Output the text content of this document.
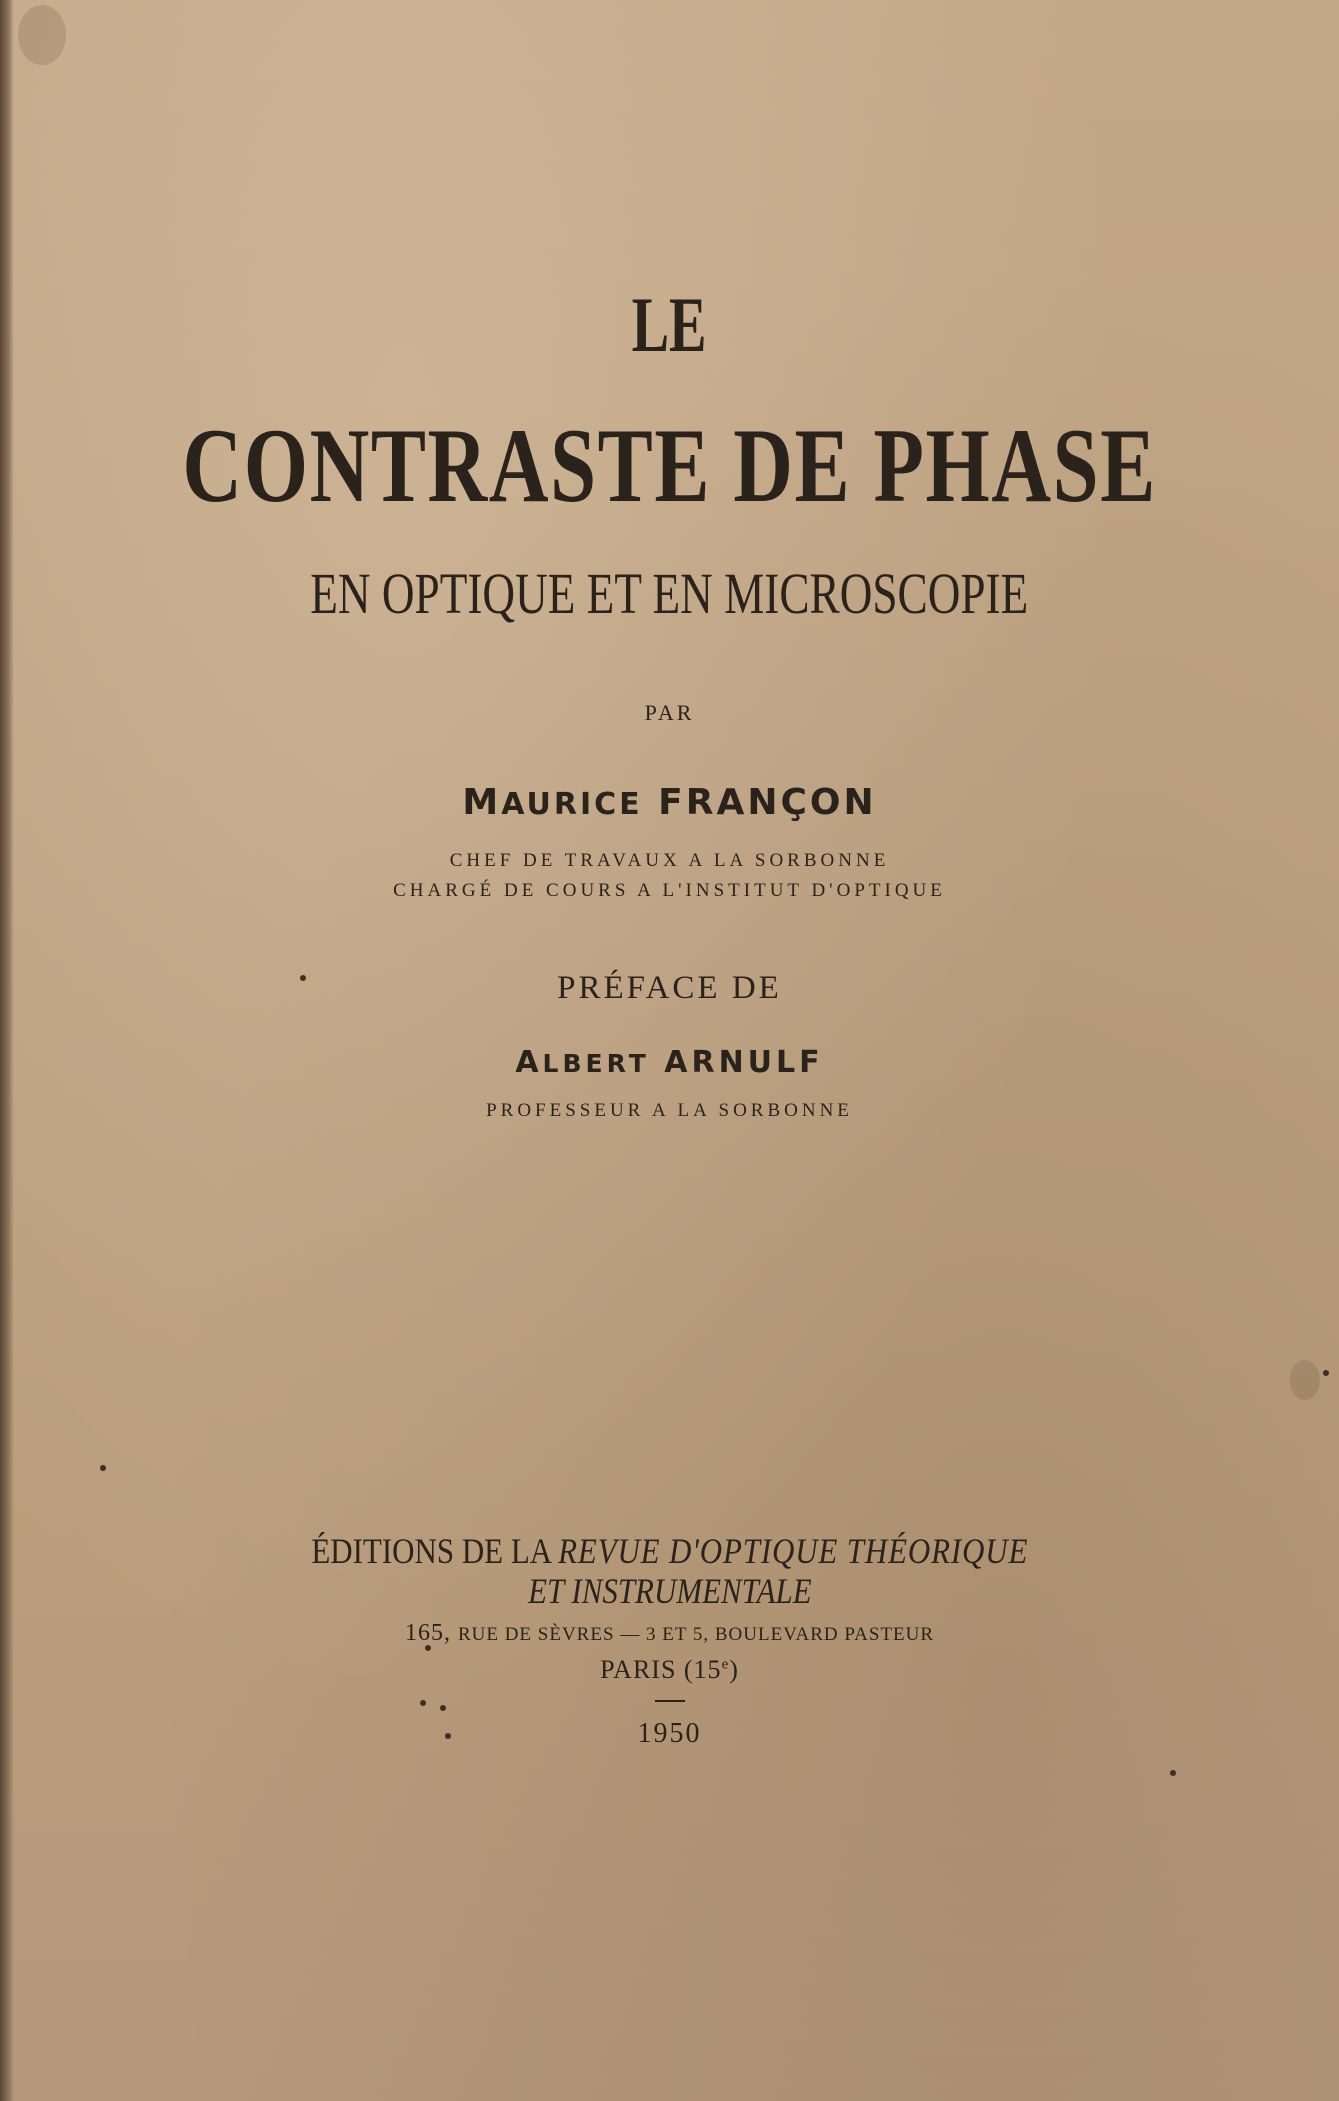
LE
CONTRASTE DE PHASE
EN OPTIQUE ET EN MICROSCOPIE
PAR
MAURICE FRANÇON
CHEF DE TRAVAUX A LA SORBONNE
CHARGÉ DE COURS A L'INSTITUT D'OPTIQUE
PRÉFACE DE
ALBERT ARNULF
PROFESSEUR A LA SORBONNE
ÉDITIONS DE LA REVUE D'OPTIQUE THÉORIQUE
ET INSTRUMENTALE
165, RUE DE SÈVRES — 3 ET 5, BOULEVARD PASTEUR
PARIS (15e)
1950
